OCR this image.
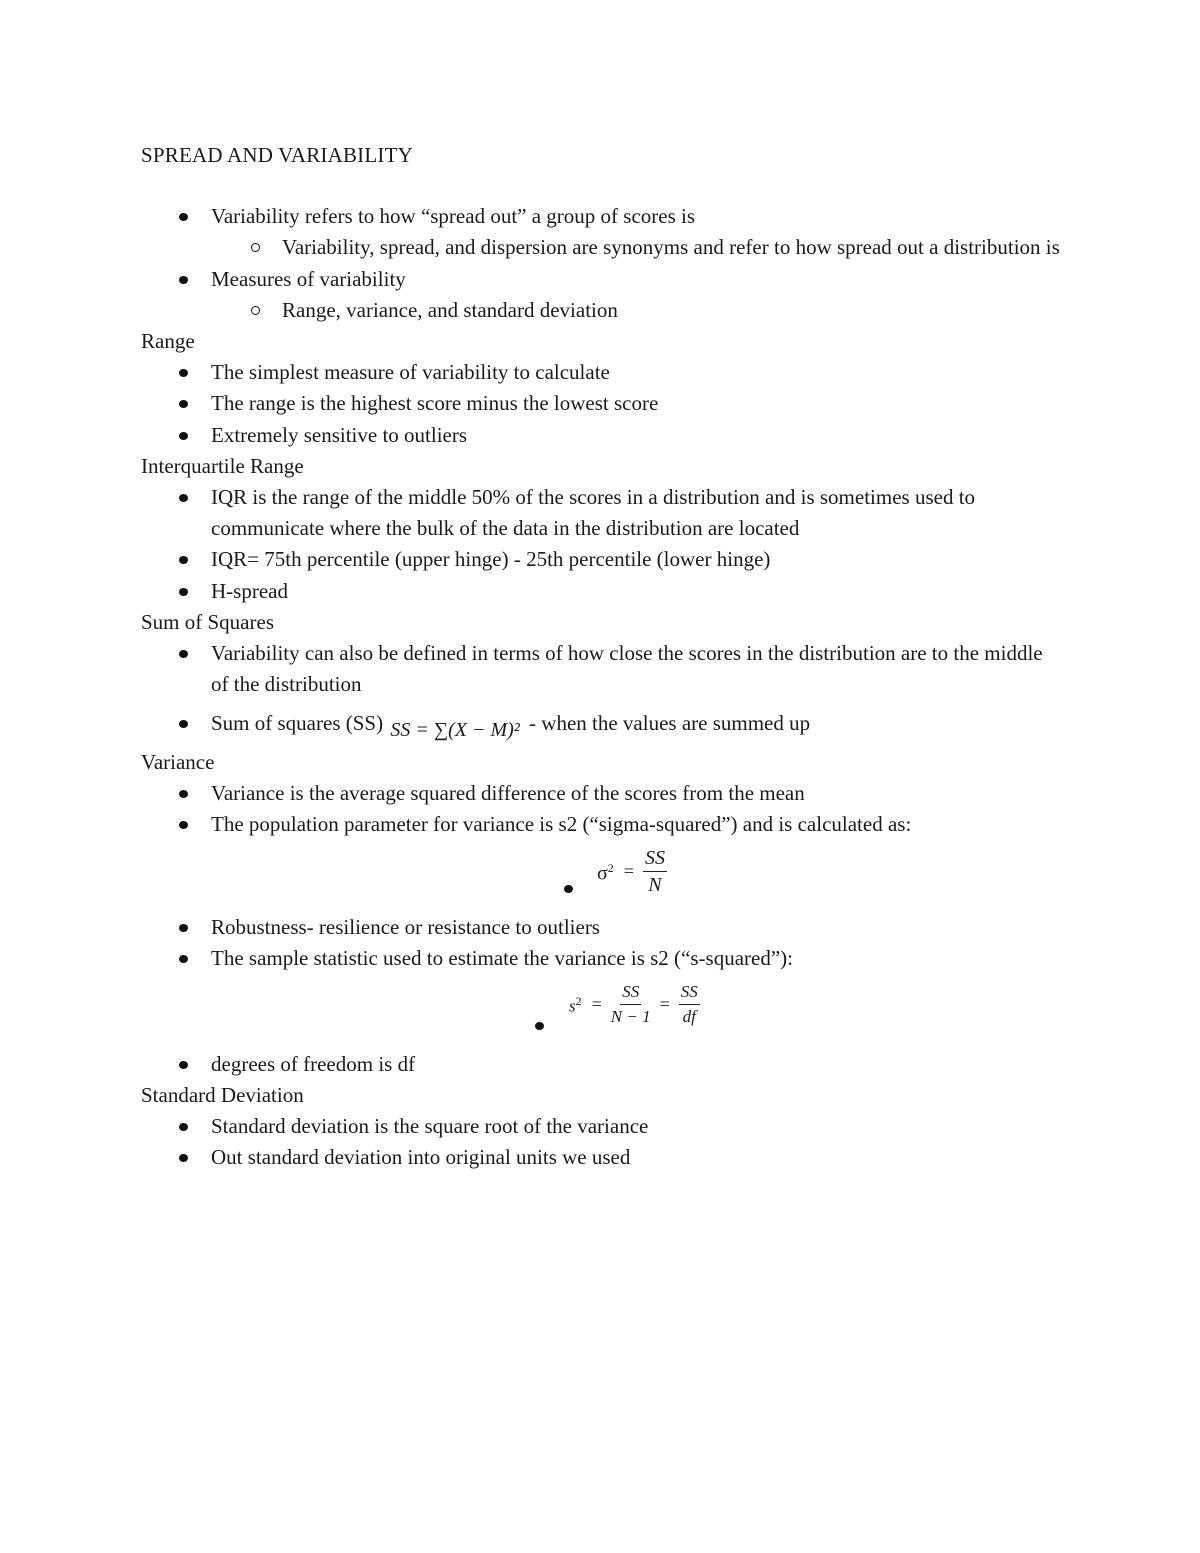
SPREAD AND VARIABILITY
Variability refers to how “spread out” a group of scores is
Variability, spread, and dispersion are synonyms and refer to how spread out a distribution is
Measures of variability
Range, variance, and standard deviation

Range

The simplest measure of variability to calculate
The range is the highest score minus the lowest score
Extremely sensitive to outliers

Interquartile Range

IQR is the range of the middle 50% of the scores in a distribution and is sometimes used to communicate where the bulk of the data in the distribution are located
IQR= 75th percentile (upper hinge) - 25th percentile (lower hinge)
H-spread

Sum of Squares

Variability can also be defined in terms of how close the scores in the distribution are to the middle of the distribution
Sum of squares (SS) SS = ∑(X − M)² - when the values are summed up

Variance

Variance is the average squared difference of the scores from the mean
The population parameter for variance is s2 (“sigma-squared”) and is calculated as:
$\sigma^2 = \frac{SS}{N}$
Robustness- resilience or resistance to outliers
The sample statistic used to estimate the variance is s2 (“s-squared”):
$s^2 = \frac{SS}{N - 1} = \frac{SS}{df}$
degrees of freedom is df

Standard Deviation

Standard deviation is the square root of the variance
Out standard deviation into original units we used
